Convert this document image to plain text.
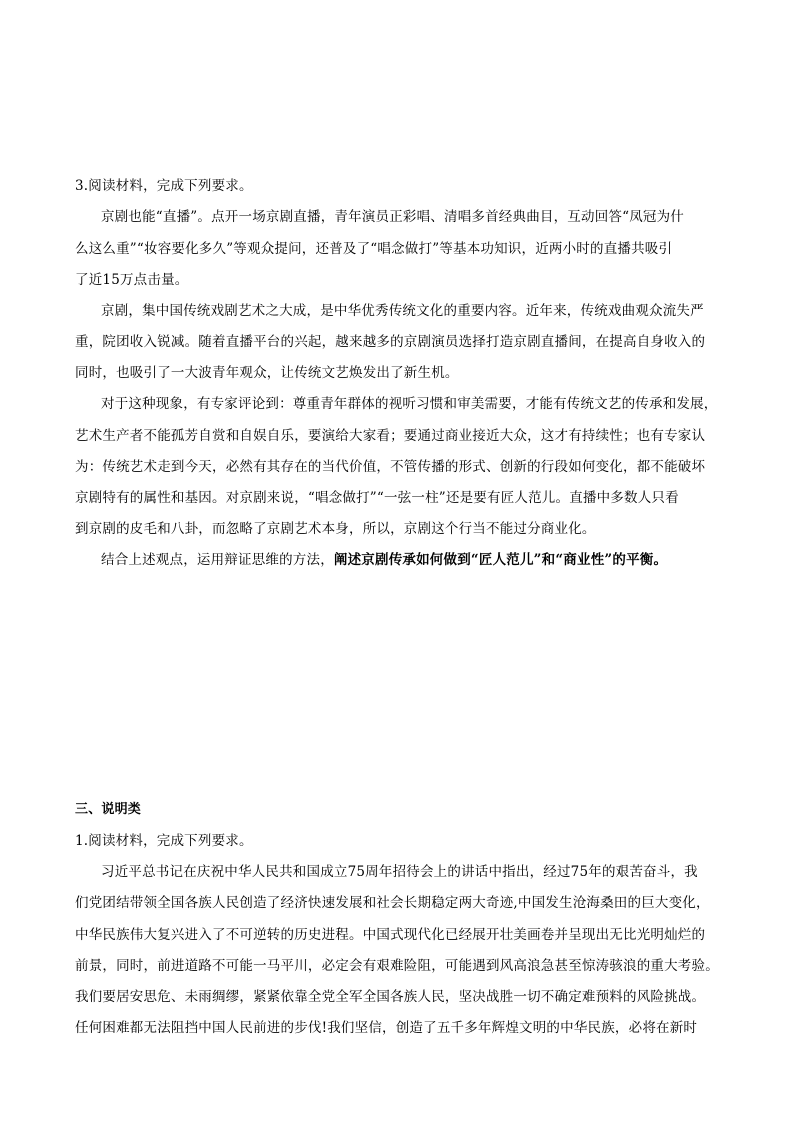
3.阅读材料，完成下列要求。
京剧也能“直播”。点开一场京剧直播，青年演员正彩唱、清唱多首经典曲目，互动回答“凤冠为什
么这么重”“妆容要化多久”等观众提问，还普及了“唱念做打”等基本功知识，近两小时的直播共吸引
了近15万点击量。
京剧，集中国传统戏剧艺术之大成，是中华优秀传统文化的重要内容。近年来，传统戏曲观众流失严
重，院团收入锐减。随着直播平台的兴起，越来越多的京剧演员选择打造京剧直播间，在提高自身收入的
同时，也吸引了一大波青年观众，让传统文艺焕发出了新生机。
对于这种现象，有专家评论到：尊重青年群体的视听习惯和审美需要，才能有传统文艺的传承和发展，
艺术生产者不能孤芳自赏和自娱自乐，要演给大家看；要通过商业接近大众，这才有持续性；也有专家认
为：传统艺术走到今天，必然有其存在的当代价值，不管传播的形式、创新的行段如何变化，都不能破坏
京剧特有的属性和基因。对京剧来说，“唱念做打”“一弦一柱”还是要有匠人范儿。直播中多数人只看
到京剧的皮毛和八卦，而忽略了京剧艺术本身，所以，京剧这个行当不能过分商业化。
结合上述观点，运用辩证思维的方法，阐述京剧传承如何做到“匠人范儿”和“商业性”的平衡。
三、说明类
1.阅读材料，完成下列要求。
习近平总书记在庆祝中华人民共和国成立75周年招待会上的讲话中指出，经过75年的艰苦奋斗，我
们党团结带领全国各族人民创造了经济快速发展和社会长期稳定两大奇迹,中国发生沧海桑田的巨大变化，
中华民族伟大复兴进入了不可逆转的历史进程。中国式现代化已经展开壮美画卷并呈现出无比光明灿烂的
前景，同时，前进道路不可能一马平川，必定会有艰难险阻，可能遇到风高浪急甚至惊涛骇浪的重大考验。
我们要居安思危、未雨绸缪，紧紧依靠全党全军全国各族人民，坚决战胜一切不确定难预料的风险挑战。
任何困难都无法阻挡中国人民前进的步伐!我们坚信，创造了五千多年辉煌文明的中华民族，必将在新时
